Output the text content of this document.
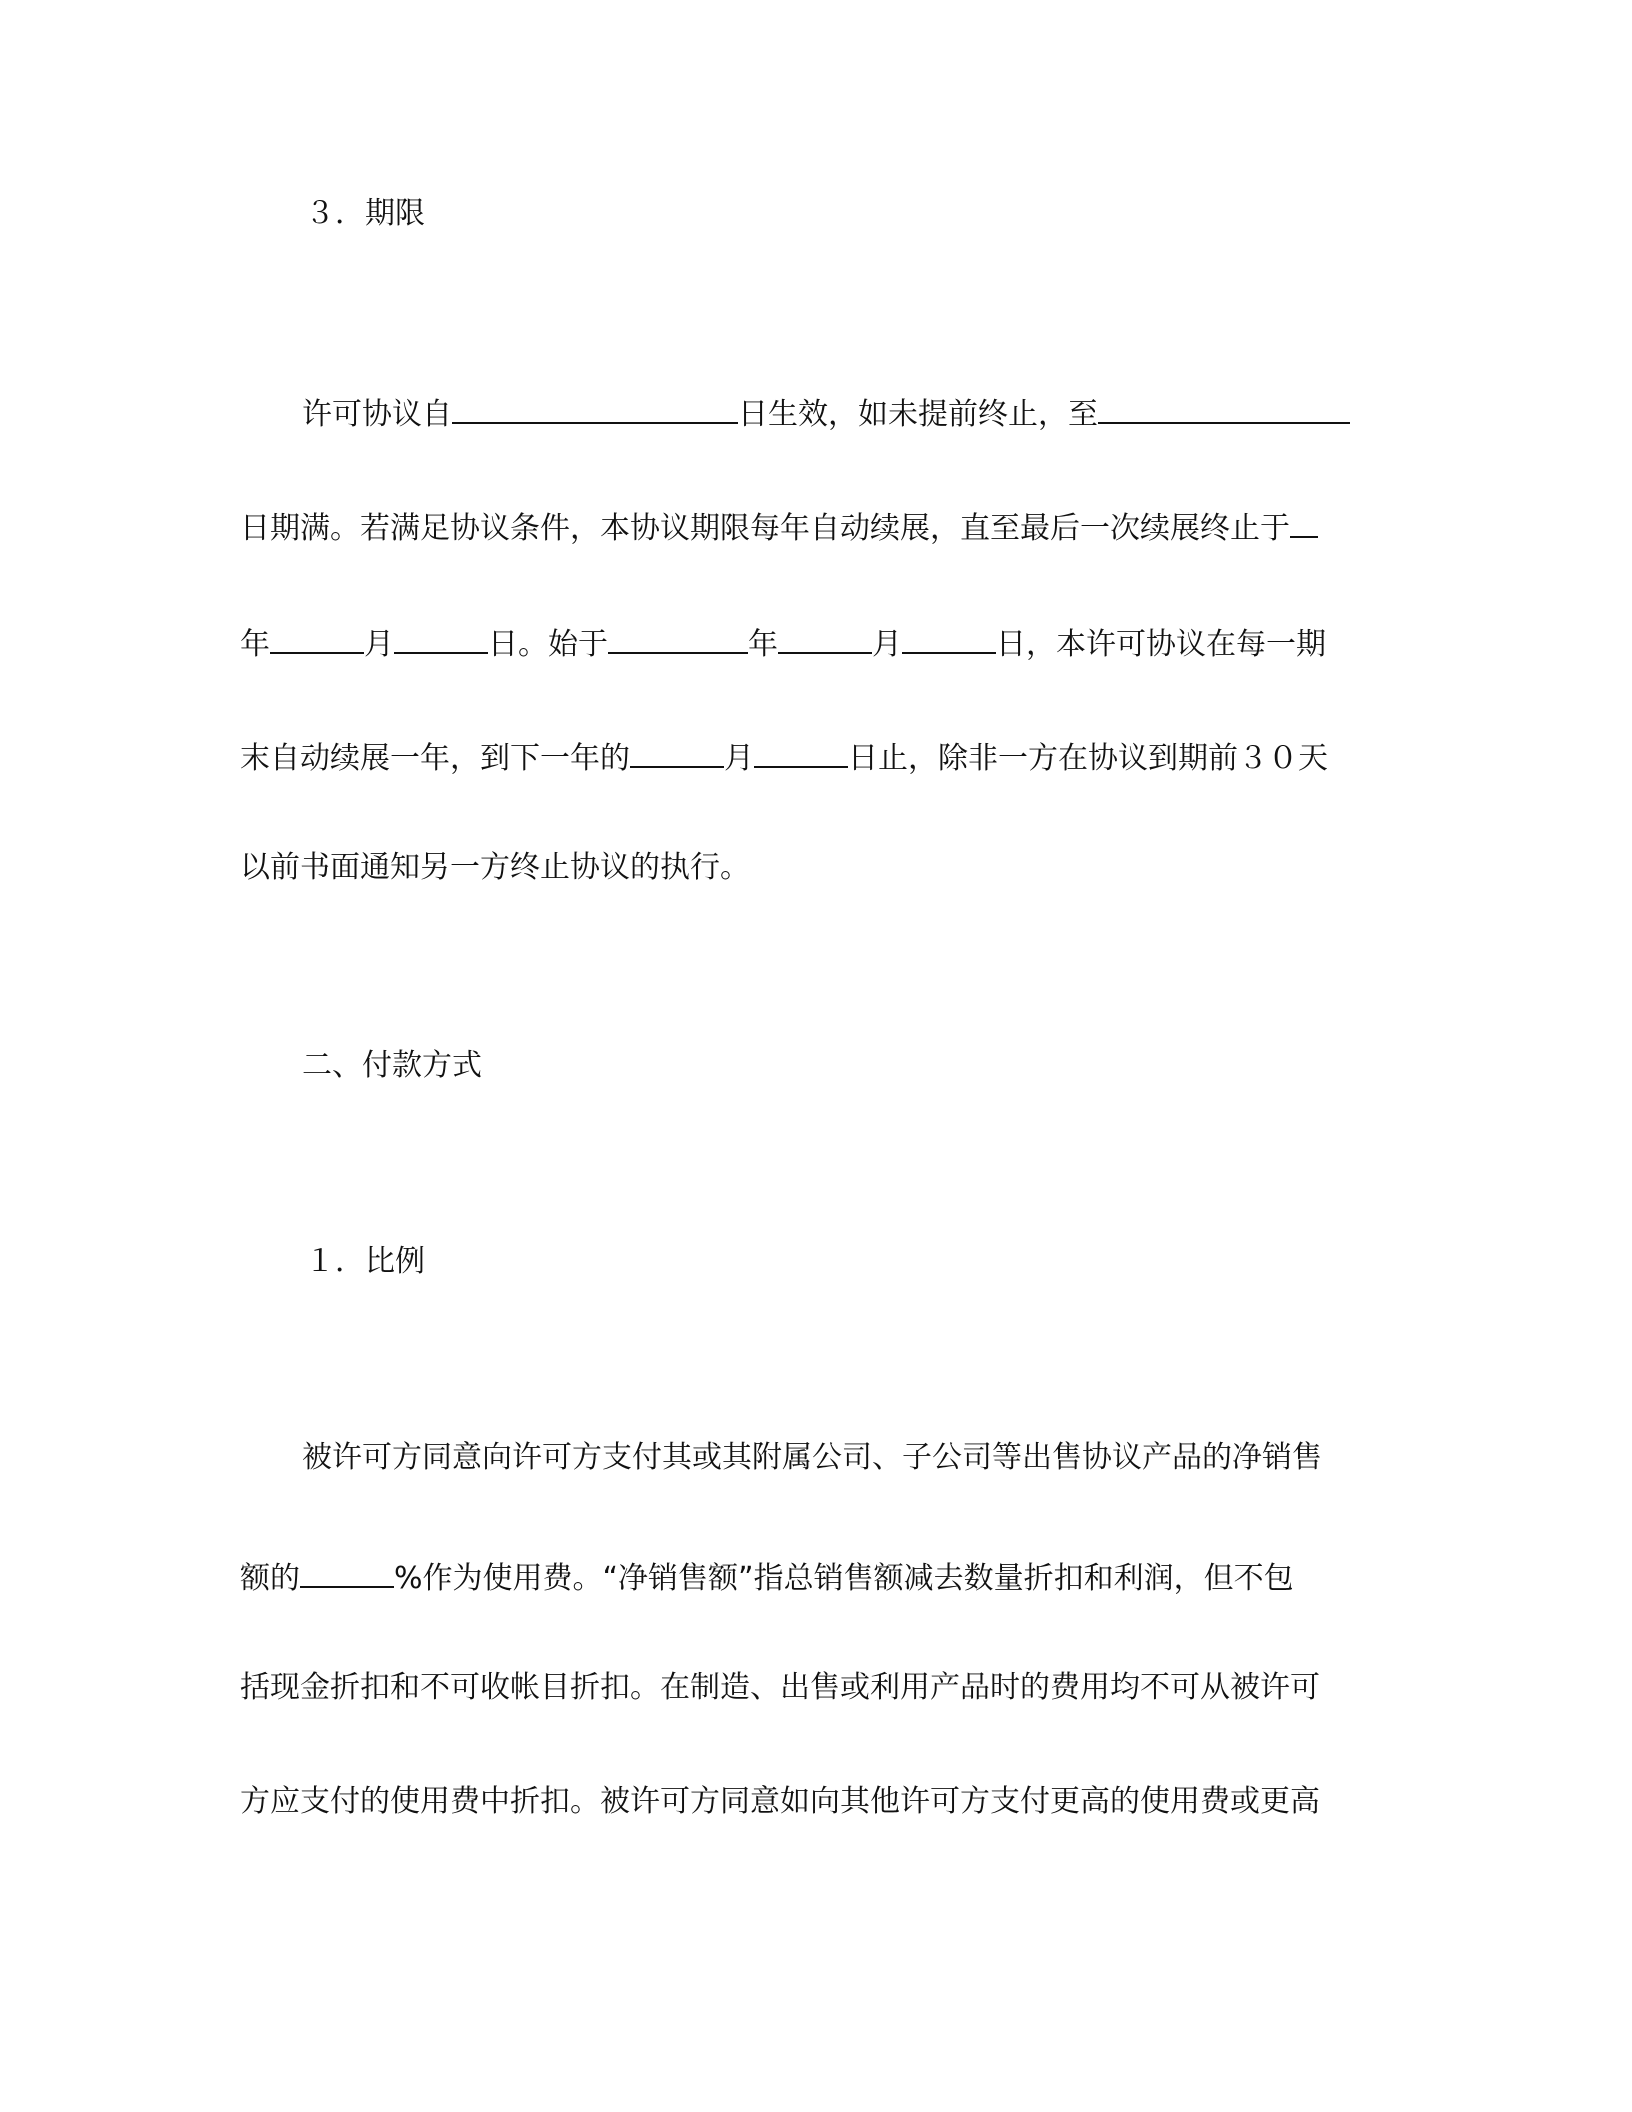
３．期限
许可协议自	日生效，如未提前终止，至
日期满。若满足协议条件，本协议期限每年自动续展，直至最后一次续展终止于
年	月	日。始于	年	月	日，本许可协议在每一期
末自动续展一年，到下一年的	月	日止，除非一方在协议到期前３０天
以前书面通知另一方终止协议的执行。
二、付款方式
１．比例
被许可方同意向许可方支付其或其附属公司、子公司等出售协议产品的净销售
额的	%作为使用费。“净销售额”指总销售额减去数量折扣和利润，但不包
括现金折扣和不可收帐目折扣。在制造、出售或利用产品时的费用均不可从被许可
方应支付的使用费中折扣。被许可方同意如向其他许可方支付更高的使用费或更高
